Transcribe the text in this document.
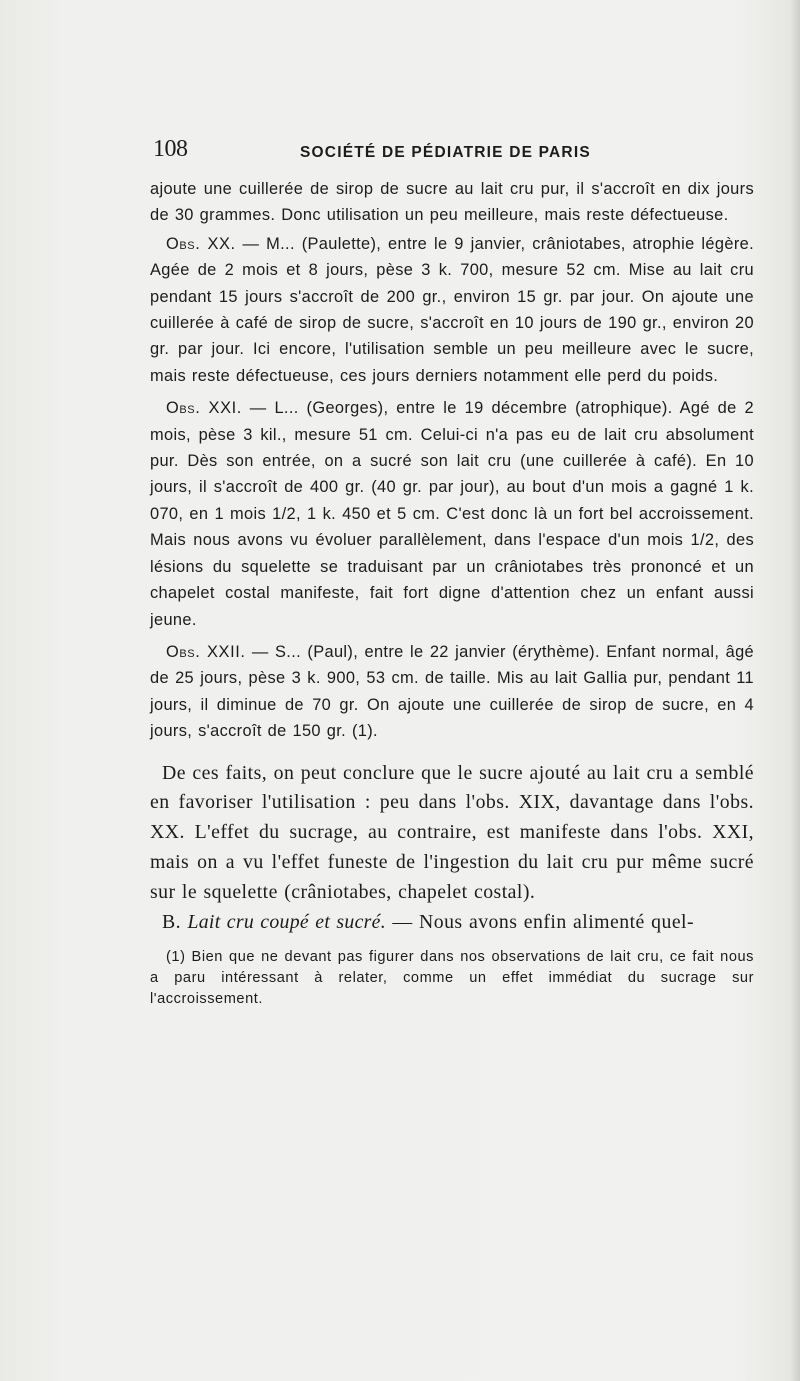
108	SOCIÉTÉ DE PÉDIATRIE DE PARIS

ajoute une cuillerée de sirop de sucre au lait cru pur, il s'accroît en dix jours de 30 grammes. Donc utilisation un peu meilleure, mais reste défectueuse.

Obs. XX. — M... (Paulette), entre le 9 janvier, crâniotabes, atrophie légère. Agée de 2 mois et 8 jours, pèse 3 k. 700, mesure 52 cm. Mise au lait cru pendant 15 jours s'accroît de 200 gr., environ 15 gr. par jour. On ajoute une cuillerée à café de sirop de sucre, s'accroît en 10 jours de 190 gr., environ 20 gr. par jour. Ici encore, l'utilisation semble un peu meilleure avec le sucre, mais reste défectueuse, ces jours derniers notamment elle perd du poids.

Obs. XXI. — L... (Georges), entre le 19 décembre (atrophique). Agé de 2 mois, pèse 3 kil., mesure 51 cm. Celui-ci n'a pas eu de lait cru absolument pur. Dès son entrée, on a sucré son lait cru (une cuillerée à café). En 10 jours, il s'accroît de 400 gr. (40 gr. par jour), au bout d'un mois a gagné 1 k. 070, en 1 mois 1/2, 1 k. 450 et 5 cm. C'est donc là un fort bel accroissement. Mais nous avons vu évoluer parallèlement, dans l'espace d'un mois 1/2, des lésions du squelette se traduisant par un crâniotabes très prononcé et un chapelet costal manifeste, fait fort digne d'attention chez un enfant aussi jeune.

Obs. XXII. — S... (Paul), entre le 22 janvier (érythème). Enfant normal, âgé de 25 jours, pèse 3 k. 900, 53 cm. de taille. Mis au lait Gallia pur, pendant 11 jours, il diminue de 70 gr. On ajoute une cuillerée de sirop de sucre, en 4 jours, s'accroît de 150 gr. (1).

De ces faits, on peut conclure que le sucre ajouté au lait cru a semblé en favoriser l'utilisation : peu dans l'obs. XIX, davantage dans l'obs. XX. L'effet du sucrage, au contraire, est manifeste dans l'obs. XXI, mais on a vu l'effet funeste de l'ingestion du lait cru pur même sucré sur le squelette (crâniotabes, chapelet costal).

B. Lait cru coupé et sucré. — Nous avons enfin alimenté quel-

(1) Bien que ne devant pas figurer dans nos observations de lait cru, ce fait nous a paru intéressant à relater, comme un effet immédiat du sucrage sur l'accroissement.
